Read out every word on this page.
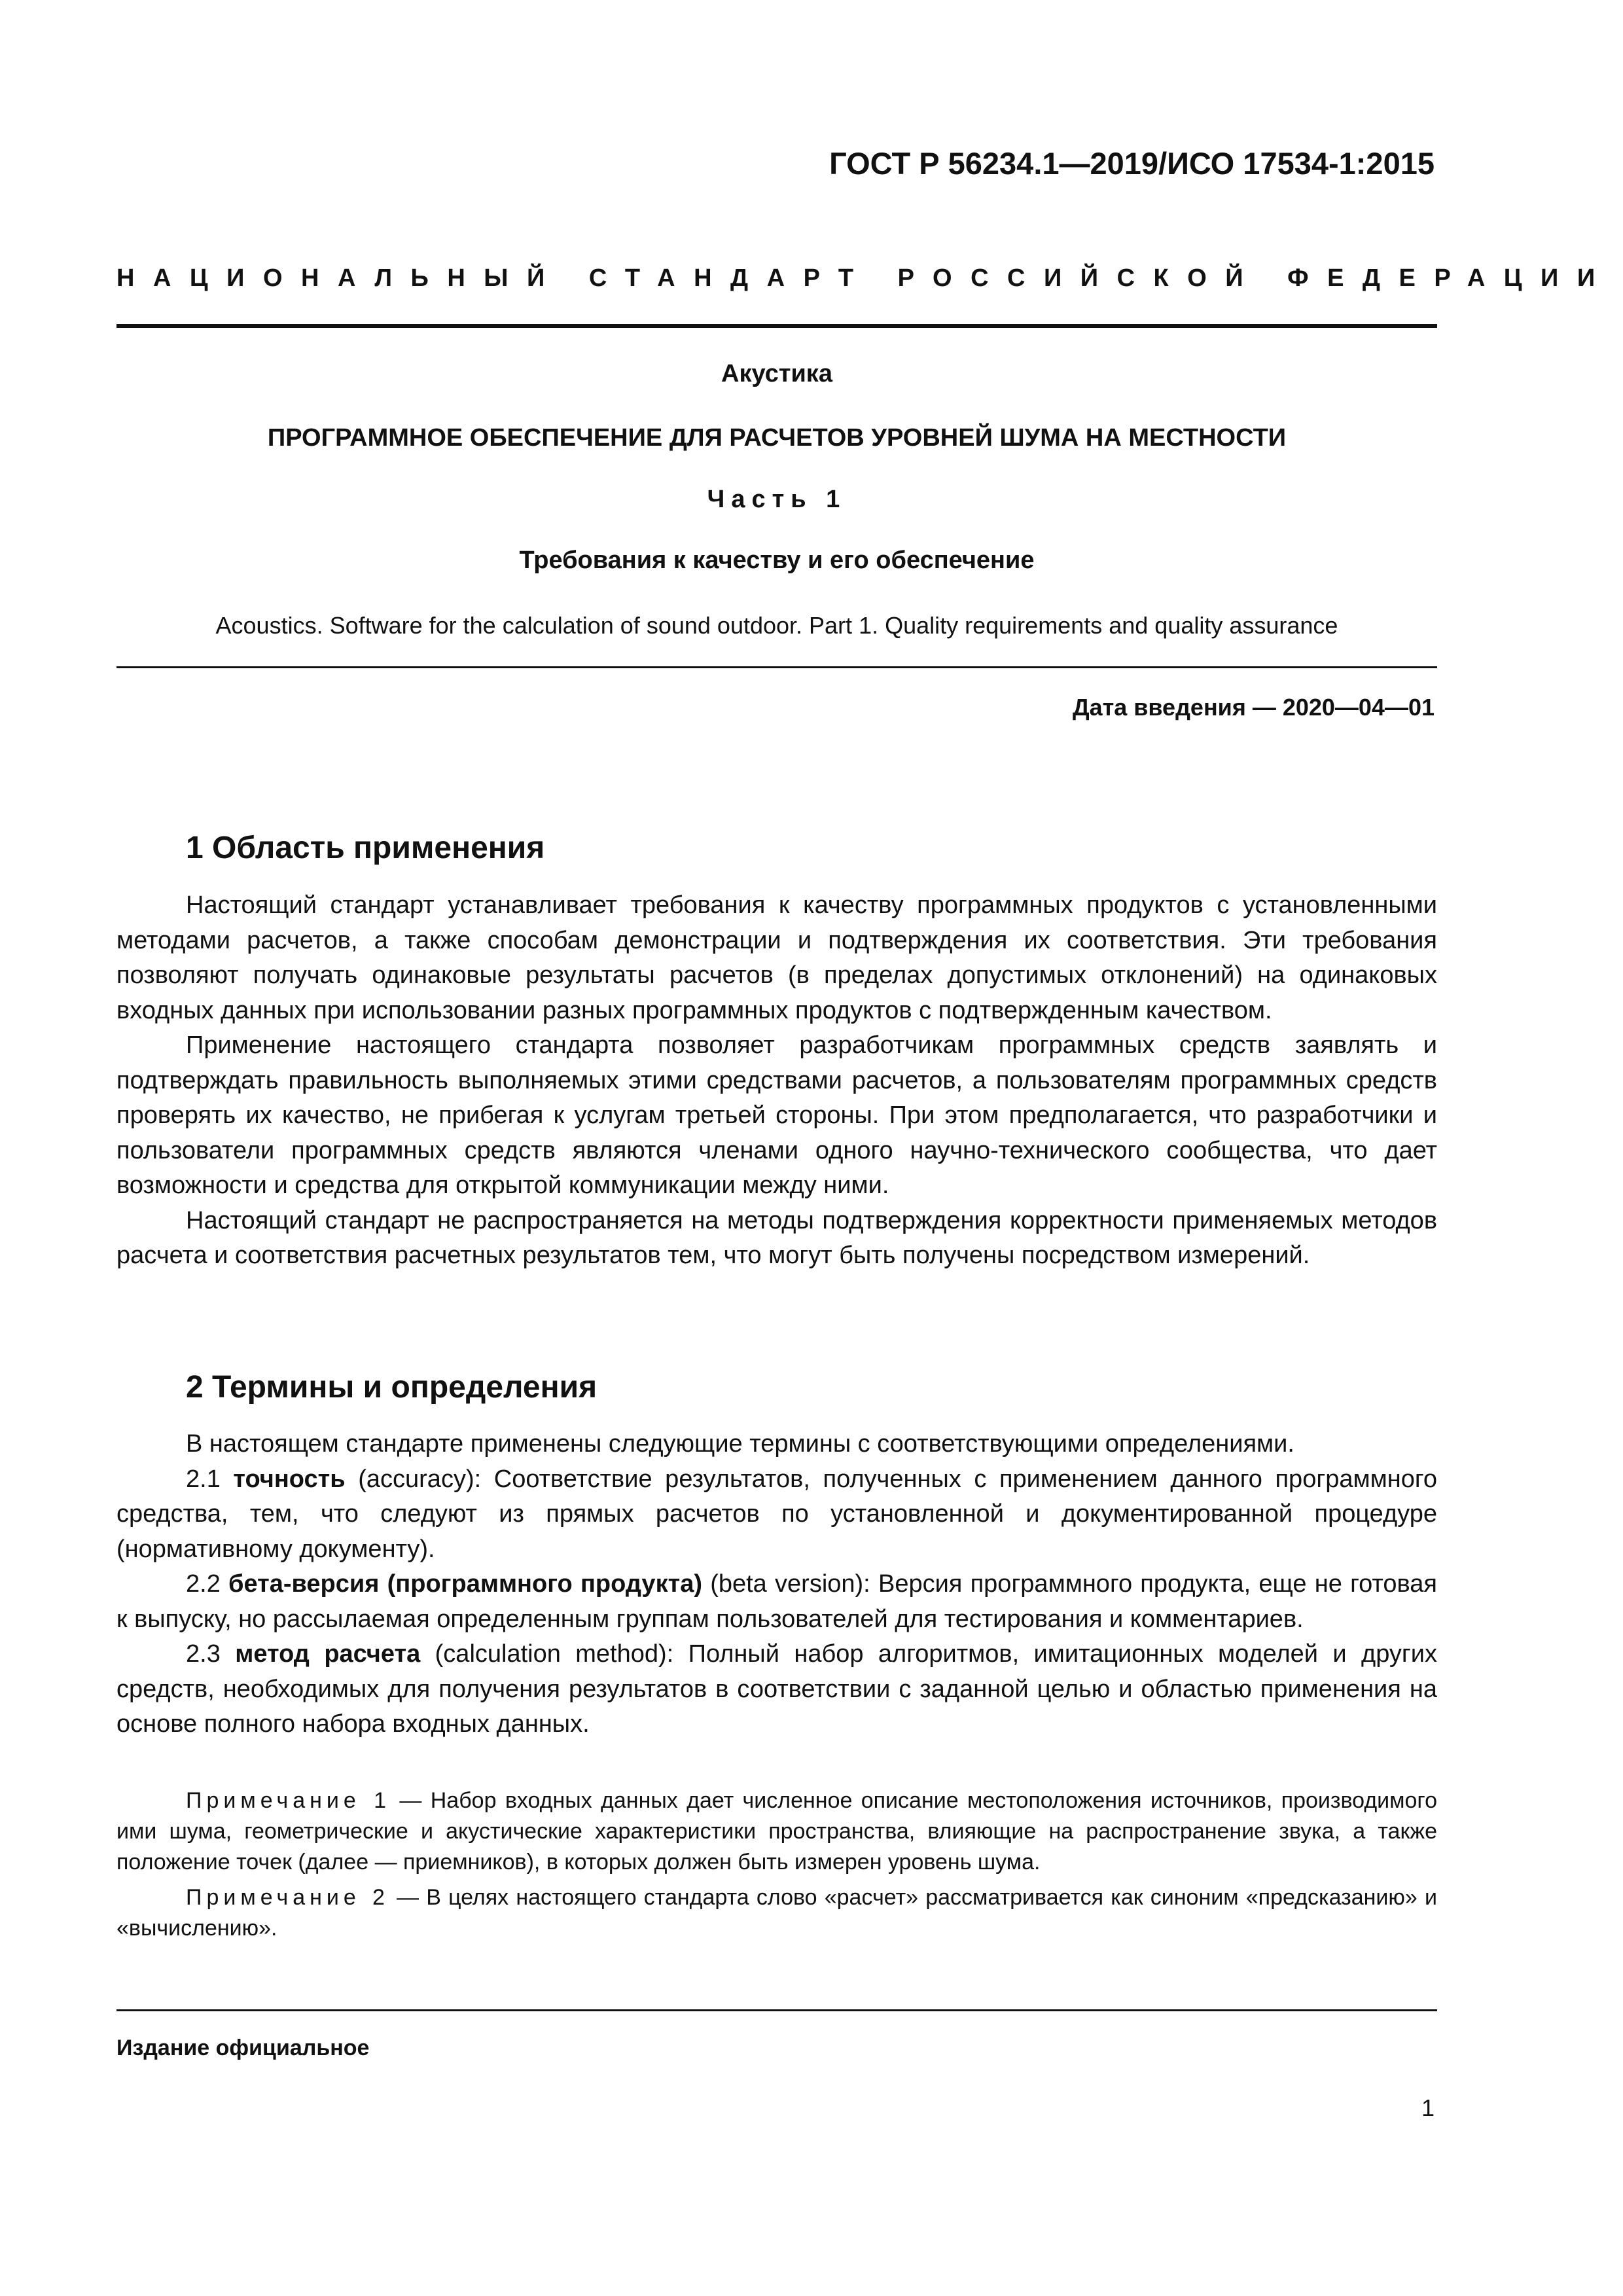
ГОСТ Р 56234.1—2019/ИСО 17534-1:2015
НАЦИОНАЛЬНЫЙ СТАНДАРТ РОССИЙСКОЙ ФЕДЕРАЦИИ
Акустика
ПРОГРАММНОЕ ОБЕСПЕЧЕНИЕ ДЛЯ РАСЧЕТОВ УРОВНЕЙ ШУМА НА МЕСТНОСТИ
Часть 1
Требования к качеству и его обеспечение
Acoustics. Software for the calculation of sound outdoor. Part 1. Quality requirements and quality assurance
Дата введения — 2020—04—01
1 Область применения

Настоящий стандарт устанавливает требования к качеству программных продуктов с установленными методами расчетов, а также способам демонстрации и подтверждения их соответствия. Эти требования позволяют получать одинаковые результаты расчетов (в пределах допустимых отклонений) на одинаковых входных данных при использовании разных программных продуктов с подтвержденным качеством.

Применение настоящего стандарта позволяет разработчикам программных средств заявлять и подтверждать правильность выполняемых этими средствами расчетов, а пользователям программных средств проверять их качество, не прибегая к услугам третьей стороны. При этом предполагается, что разработчики и пользователи программных средств являются членами одного научно-технического сообщества, что дает возможности и средства для открытой коммуникации между ними.

Настоящий стандарт не распространяется на методы подтверждения корректности применяемых методов расчета и соответствия расчетных результатов тем, что могут быть получены посредством измерений.

2 Термины и определения

В настоящем стандарте применены следующие термины с соответствующими определениями.

2.1 точность (accuracy): Соответствие результатов, полученных с применением данного программного средства, тем, что следуют из прямых расчетов по установленной и документированной процедуре (нормативному документу).

2.2 бета-версия (программного продукта) (beta version): Версия программного продукта, еще не готовая к выпуску, но рассылаемая определенным группам пользователей для тестирования и комментариев.

2.3 метод расчета (calculation method): Полный набор алгоритмов, имитационных моделей и других средств, необходимых для получения результатов в соответствии с заданной целью и областью применения на основе полного набора входных данных.

Примечание 1 — Набор входных данных дает численное описание местоположения источников, производимого ими шума, геометрические и акустические характеристики пространства, влияющие на распространение звука, а также положение точек (далее — приемников), в которых должен быть измерен уровень шума.

Примечание 2 — В целях настоящего стандарта слово «расчет» рассматривается как синоним «предсказанию» и «вычислению».

Издание официальное
1
